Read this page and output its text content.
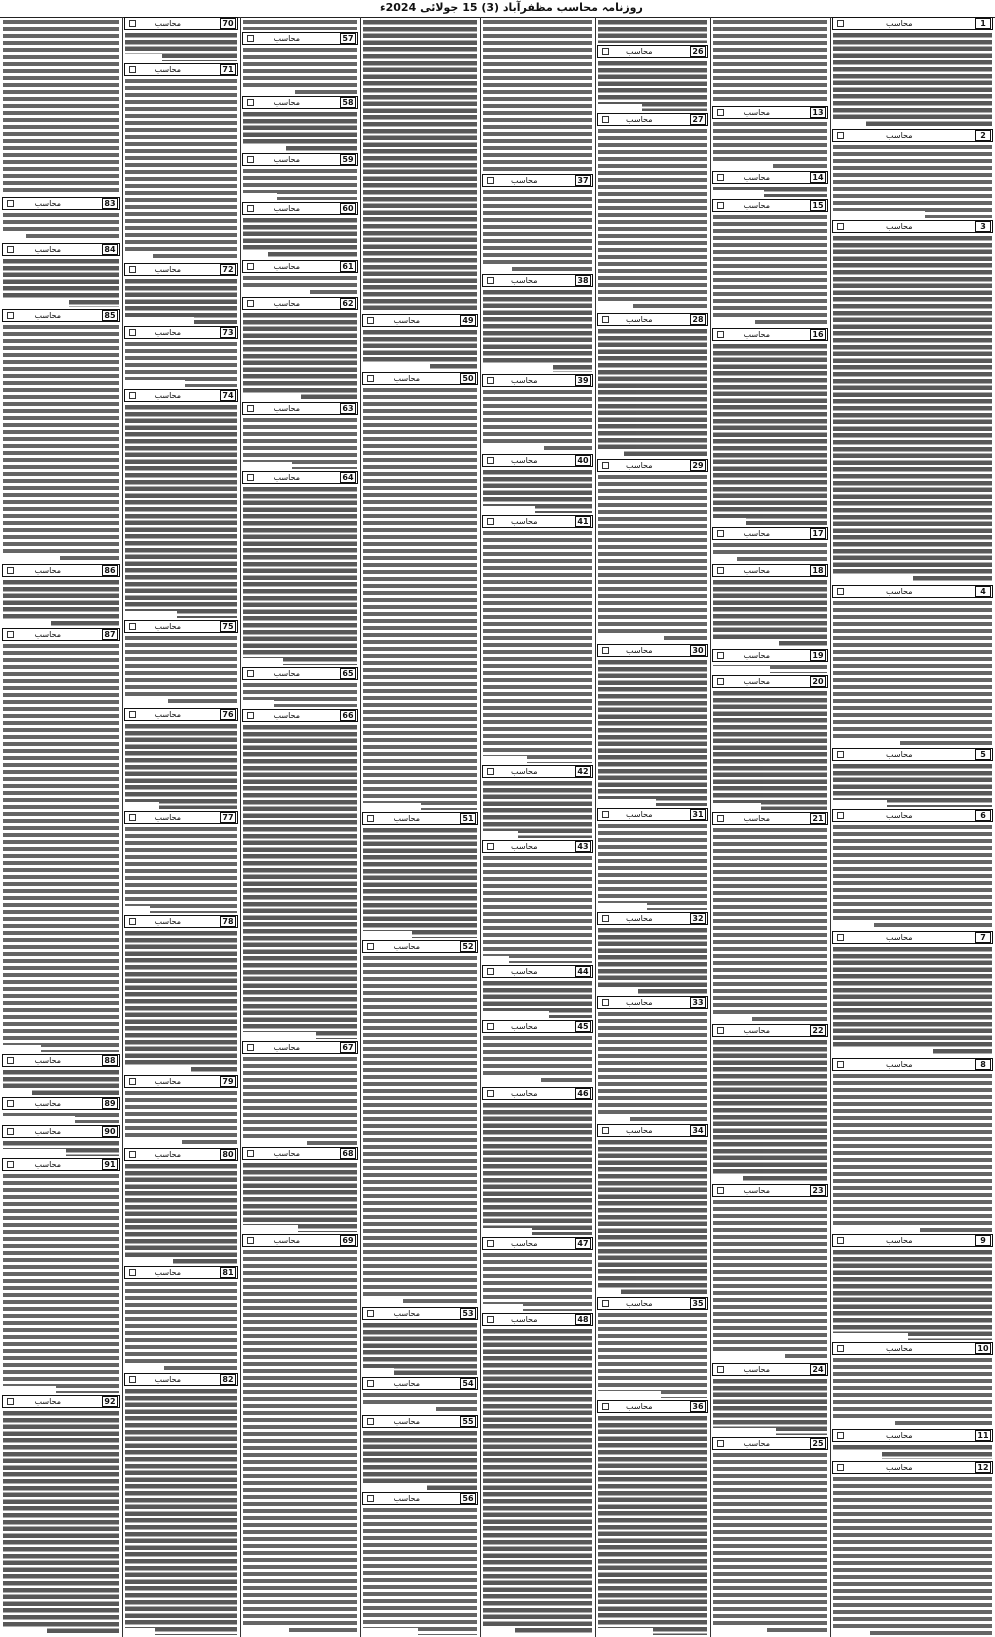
روزنامہ محاسب مظفرآباد (3) 15 جولائی 2024ء
83
محاسب
84
محاسب
85
محاسب
86
محاسب
87
محاسب
88
محاسب
89
محاسب
90
محاسب
91
محاسب
92
محاسب
70
محاسب
71
محاسب
72
محاسب
73
محاسب
74
محاسب
75
محاسب
76
محاسب
77
محاسب
78
محاسب
79
محاسب
80
محاسب
81
محاسب
82
محاسب
57
محاسب
58
محاسب
59
محاسب
60
محاسب
61
محاسب
62
محاسب
63
محاسب
64
محاسب
65
محاسب
66
محاسب
67
محاسب
68
محاسب
69
محاسب
49
محاسب
50
محاسب
51
محاسب
52
محاسب
53
محاسب
54
محاسب
55
محاسب
56
محاسب
37
محاسب
38
محاسب
39
محاسب
40
محاسب
41
محاسب
42
محاسب
43
محاسب
44
محاسب
45
محاسب
46
محاسب
47
محاسب
48
محاسب
26
محاسب
27
محاسب
28
محاسب
29
محاسب
30
محاسب
31
محاسب
32
محاسب
33
محاسب
34
محاسب
35
محاسب
36
محاسب
13
محاسب
14
محاسب
15
محاسب
16
محاسب
17
محاسب
18
محاسب
19
محاسب
20
محاسب
21
محاسب
22
محاسب
23
محاسب
24
محاسب
25
محاسب
1
محاسب
2
محاسب
3
محاسب
4
محاسب
5
محاسب
6
محاسب
7
محاسب
8
محاسب
9
محاسب
10
محاسب
11
محاسب
12
محاسب
